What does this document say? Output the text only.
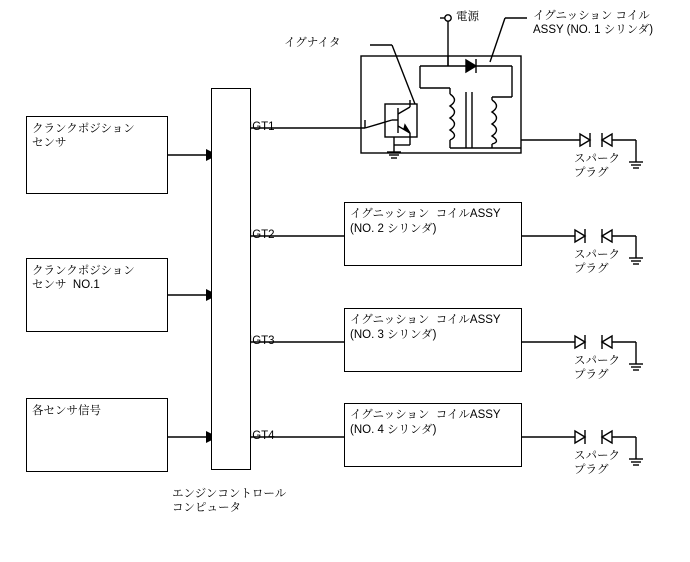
クランクポジション
センサ
クランクポジション
センサ  NO.1
各センサ信号
IGT1
IGT2
IGT3
IGT4
エンジンコントロール
コンピュータ
イグナイタ
電源	イグニッション コイル
ASSY (NO. 1 シリンダ)
イグニッション  コイルASSY
(NO. 2 シリンダ)
イグニッション  コイルASSY
(NO. 3 シリンダ)
イグニッション  コイルASSY
(NO. 4 シリンダ)
スパーク
プラグ
スパーク
プラグ
スパーク
プラグ
スパーク
プラグ
